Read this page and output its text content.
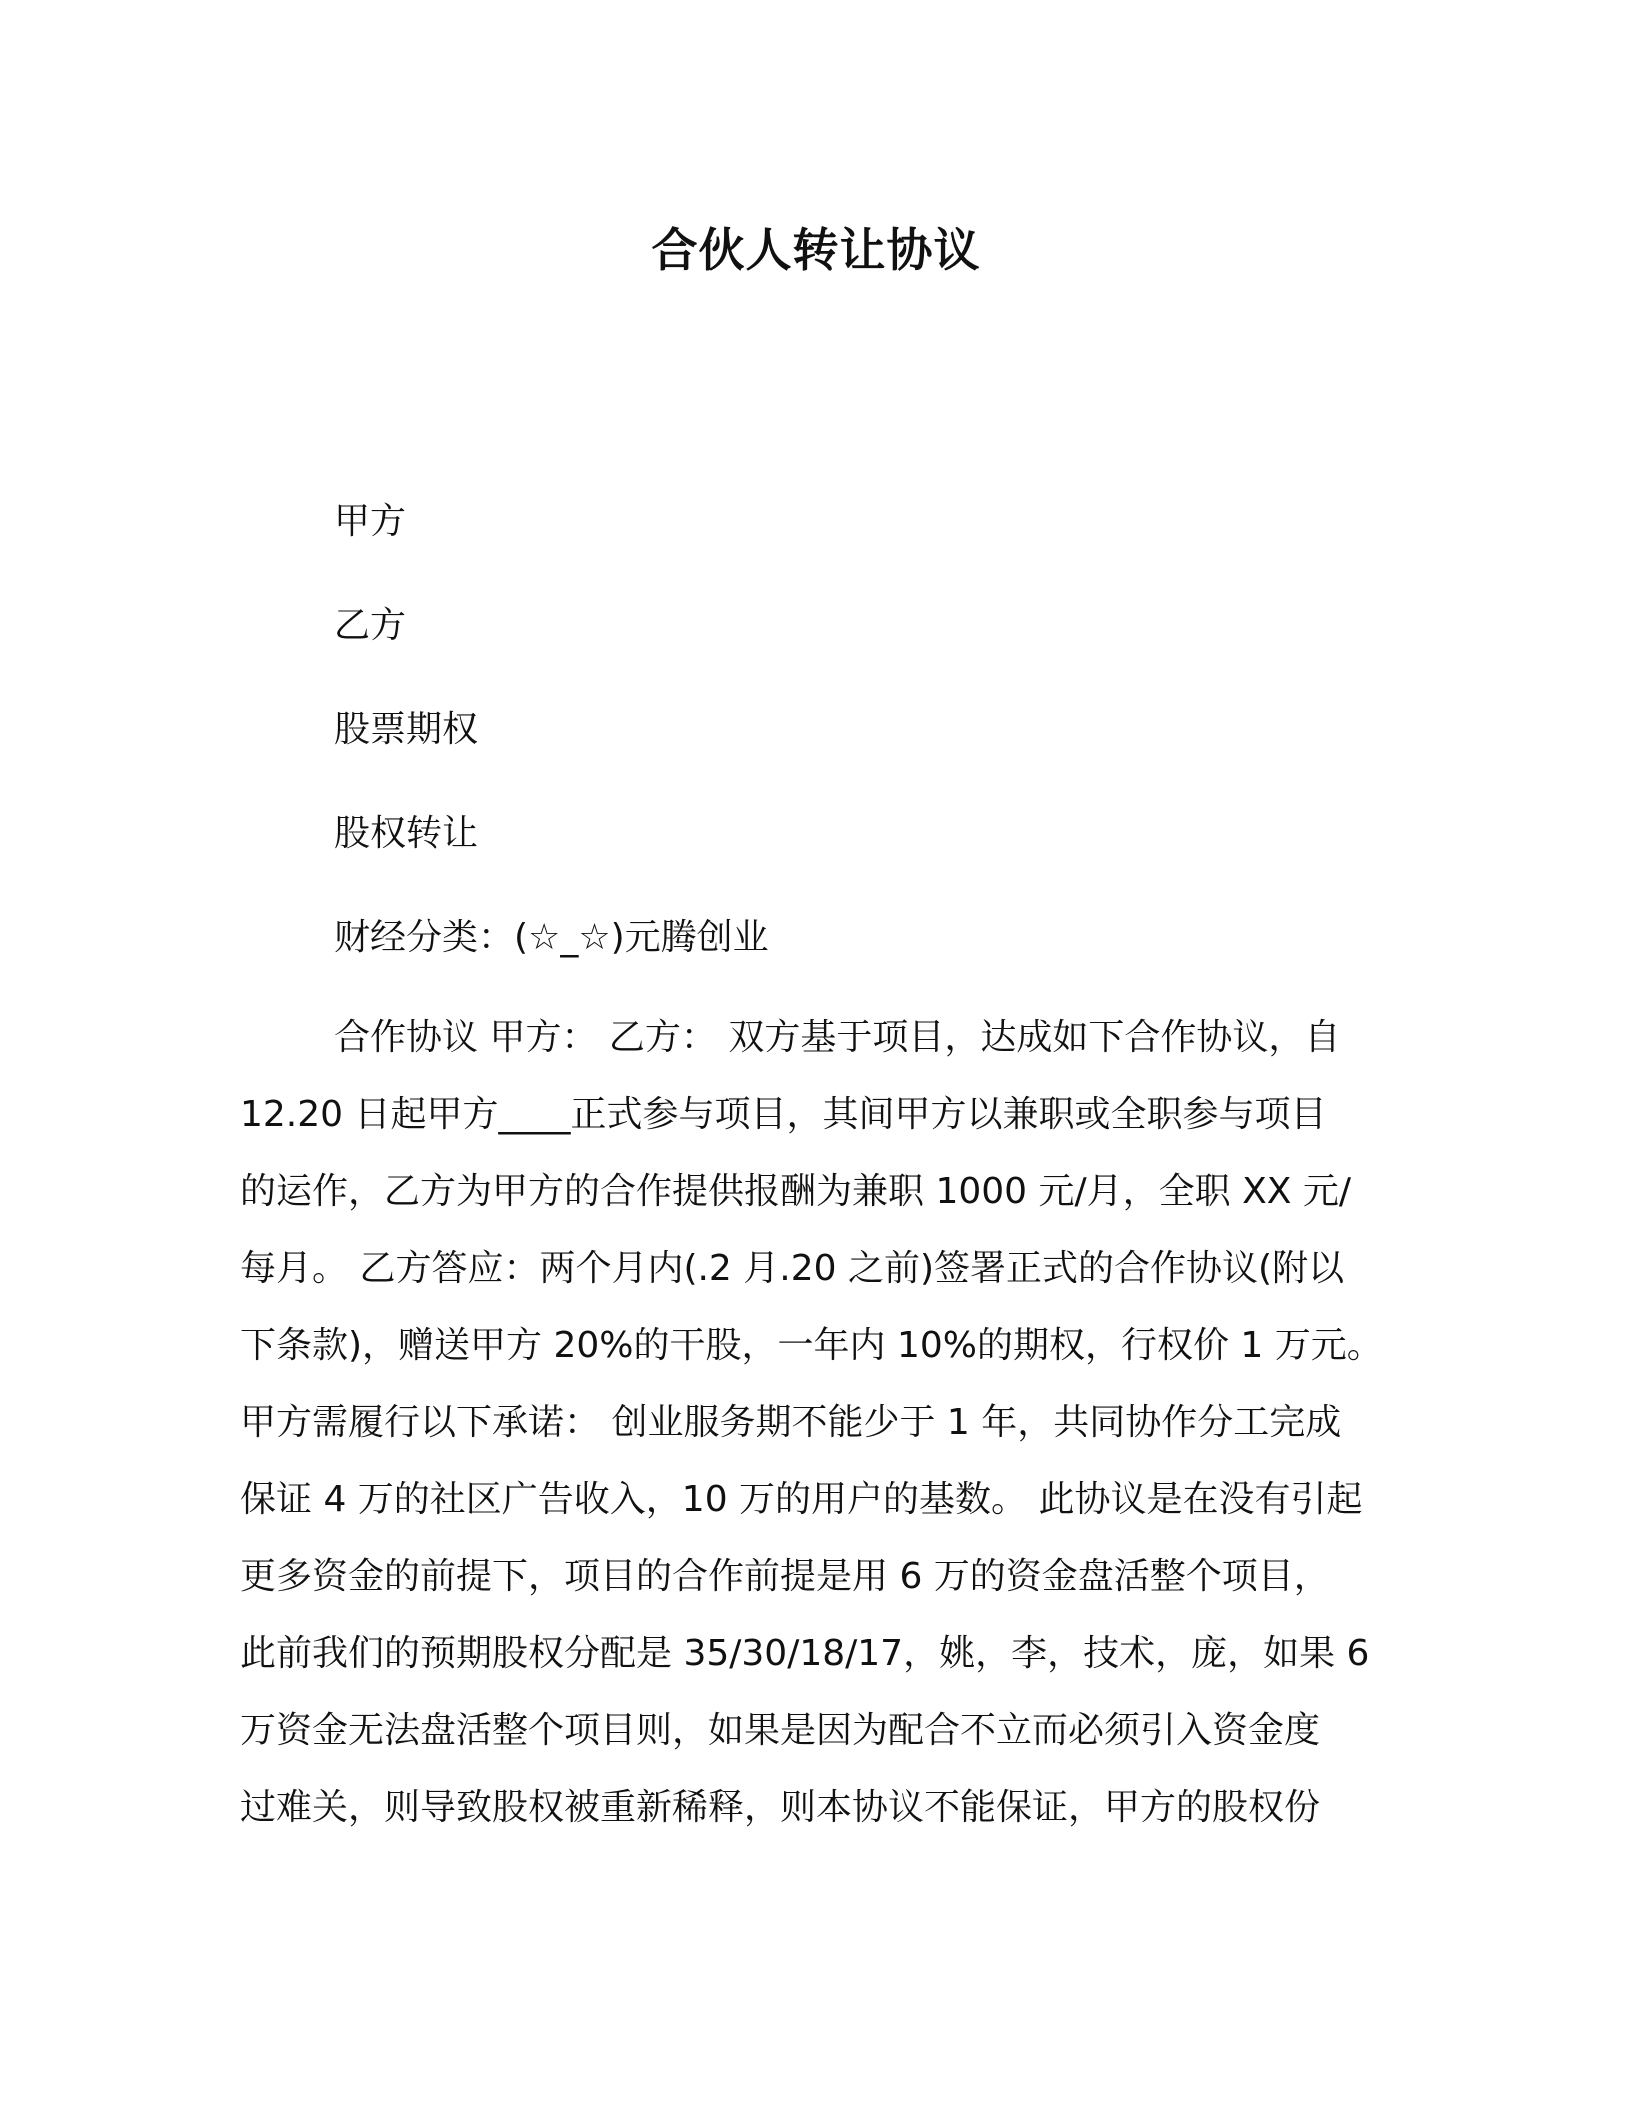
合伙人转让协议
甲方
乙方
股票期权
股权转让
财经分类：(☆_☆)元腾创业
合作协议 甲方： 乙方： 双方基于项目，达成如下合作协议，自
12.20 日起甲方____正式参与项目，其间甲方以兼职或全职参与项目
的运作，乙方为甲方的合作提供报酬为兼职 1000 元/月，全职 XX 元/
每月。 乙方答应：两个月内(.2 月.20 之前)签署正式的合作协议(附以
下条款)，赠送甲方 20%的干股，一年内 10%的期权，行权价 1 万元。
甲方需履行以下承诺： 创业服务期不能少于 1 年，共同协作分工完成
保证 4 万的社区广告收入，10 万的用户的基数。 此协议是在没有引起
更多资金的前提下，项目的合作前提是用 6 万的资金盘活整个项目，
此前我们的预期股权分配是 35/30/18/17，姚，李，技术，庞，如果 6
万资金无法盘活整个项目则，如果是因为配合不立而必须引入资金度
过难关，则导致股权被重新稀释，则本协议不能保证，甲方的股权份
